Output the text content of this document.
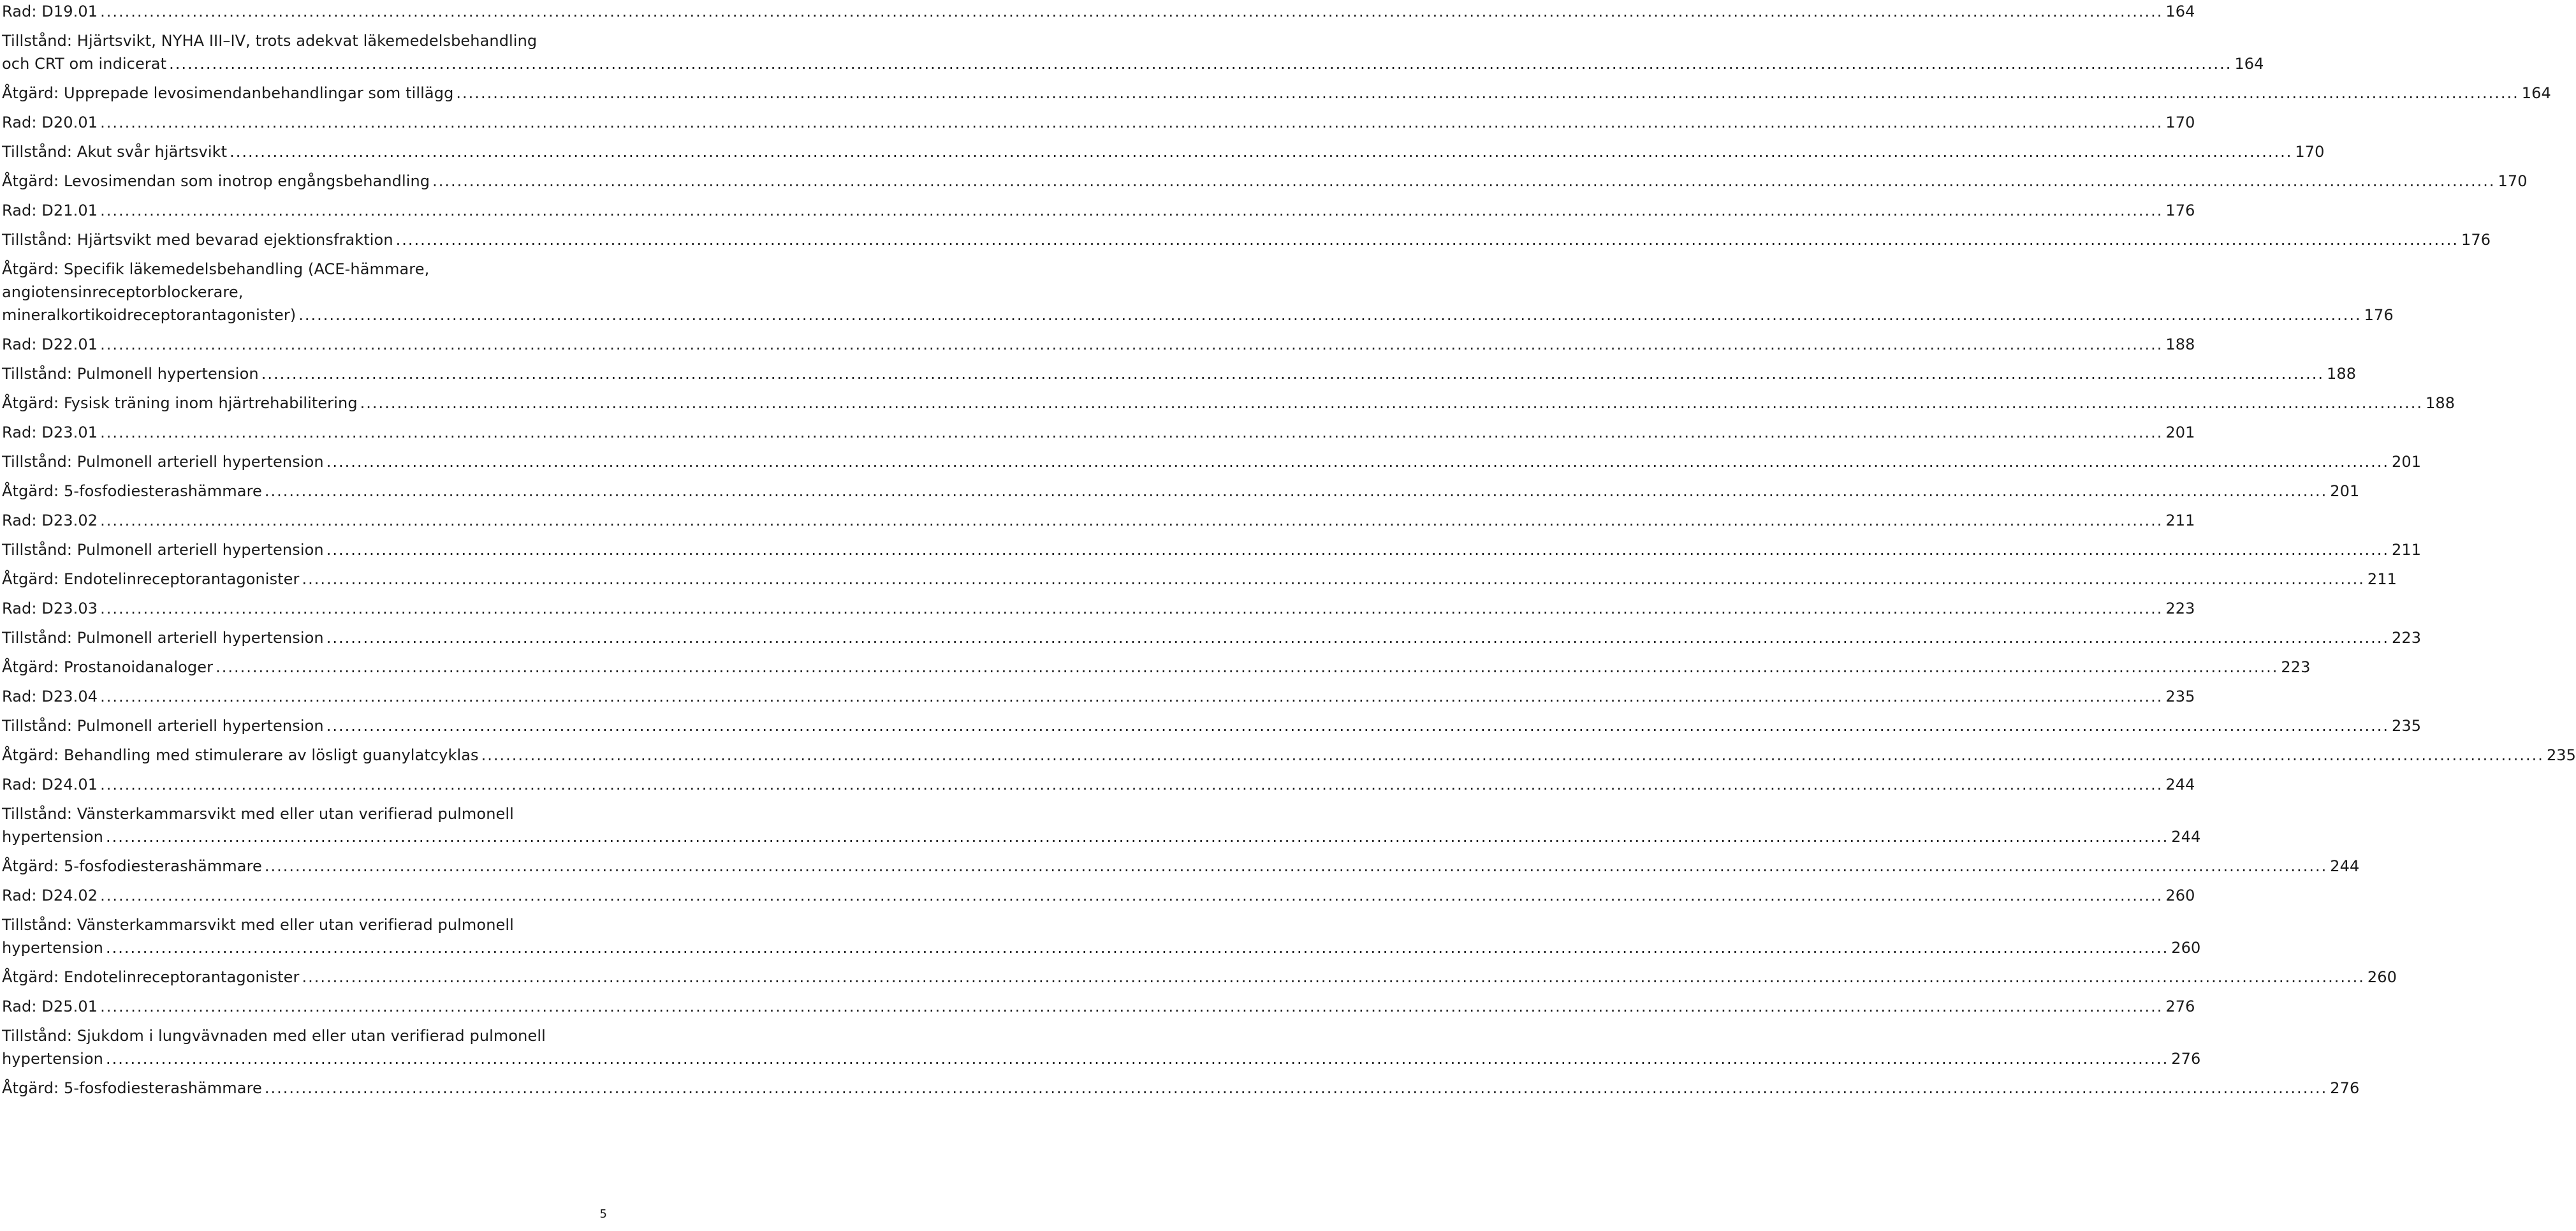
Rad: D19.01 .....	164
Tillstånd: Hjärtsvikt, NYHA III–IV, trots adekvat läkemedelsbehandling
och CRT om indicerat .....	164
Åtgärd: Upprepade levosimendanbehandlingar som tillägg .....	164
Rad: D20.01 .....	170
Tillstånd: Akut svår hjärtsvikt .....	170
Åtgärd: Levosimendan som inotrop engångsbehandling .....	170
Rad: D21.01 .....	176
Tillstånd: Hjärtsvikt med bevarad ejektionsfraktion .....	176
Åtgärd: Specifik läkemedelsbehandling (ACE-hämmare, angiotensinreceptorblockerare,
mineralkortikoidreceptorantagonister) .....	176
Rad: D22.01 .....	188
Tillstånd: Pulmonell hypertension .....	188
Åtgärd: Fysisk träning inom hjärtrehabilitering .....	188
Rad: D23.01 .....	201
Tillstånd: Pulmonell arteriell hypertension .....	201
Åtgärd: 5-fosfodiesterashämmare .....	201
Rad: D23.02 .....	211
Tillstånd: Pulmonell arteriell hypertension .....	211
Åtgärd: Endotelinreceptorantagonister .....	211
Rad: D23.03 .....	223
Tillstånd: Pulmonell arteriell hypertension .....	223
Åtgärd: Prostanoidanaloger .....	223
Rad: D23.04 .....	235
Tillstånd: Pulmonell arteriell hypertension .....	235
Åtgärd: Behandling med stimulerare av lösligt guanylatcyklas .....	235
Rad: D24.01 .....	244
Tillstånd: Vänsterkammarsvikt med eller utan verifierad pulmonell
hypertension .....	244
Åtgärd: 5-fosfodiesterashämmare .....	244
Rad: D24.02 .....	260
Tillstånd: Vänsterkammarsvikt med eller utan verifierad pulmonell
hypertension .....	260
Åtgärd: Endotelinreceptorantagonister .....	260
Rad: D25.01 .....	276
Tillstånd: Sjukdom i lungvävnaden med eller utan verifierad pulmonell
hypertension .....	276
Åtgärd: 5-fosfodiesterashämmare .....	276
5
